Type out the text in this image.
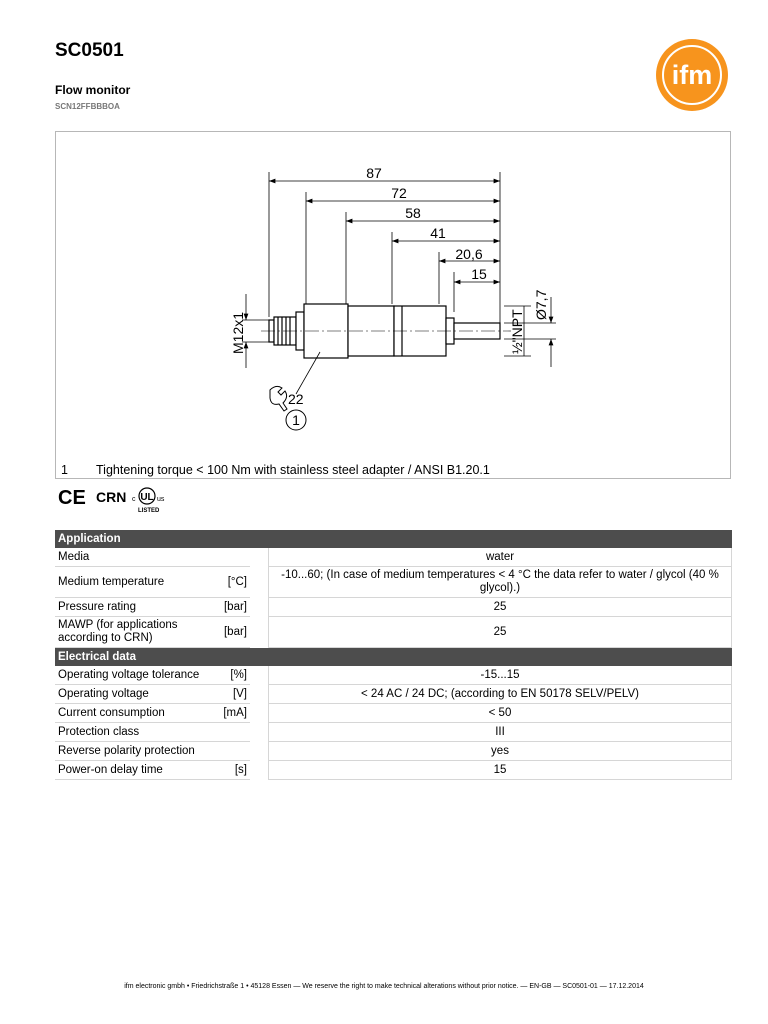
SC0501
Flow monitor
SCN12FFBBBOA
ifm
87
72
58
41
20,6
15
M12x1	½"NPT
Ø7,7
22
1
1 Tightening torque < 100 Nm with stainless steel adapter / ANSI B1.20.1
CE CRN c UL us
LISTED
Application			
Media			water
Medium temperature	[°C]		-10...60; (In case of medium temperatures < 4 °C the data refer to water / glycol (40 % glycol).)
Pressure rating	[bar]		25
MAWP (for applications according to CRN)	[bar]		25
Electrical data			
Operating voltage tolerance	[%]		-15...15
Operating voltage	[V]		< 24 AC / 24 DC; (according to EN 50178 SELV/PELV)
Current consumption	[mA]		< 50
Protection class			III
Reverse polarity protection			yes
Power-on delay time	[s]		15
ifm electronic gmbh • Friedrichstraße 1 • 45128 Essen — We reserve the right to make technical alterations without prior notice. — EN-GB — SC0501-01 — 17.12.2014
